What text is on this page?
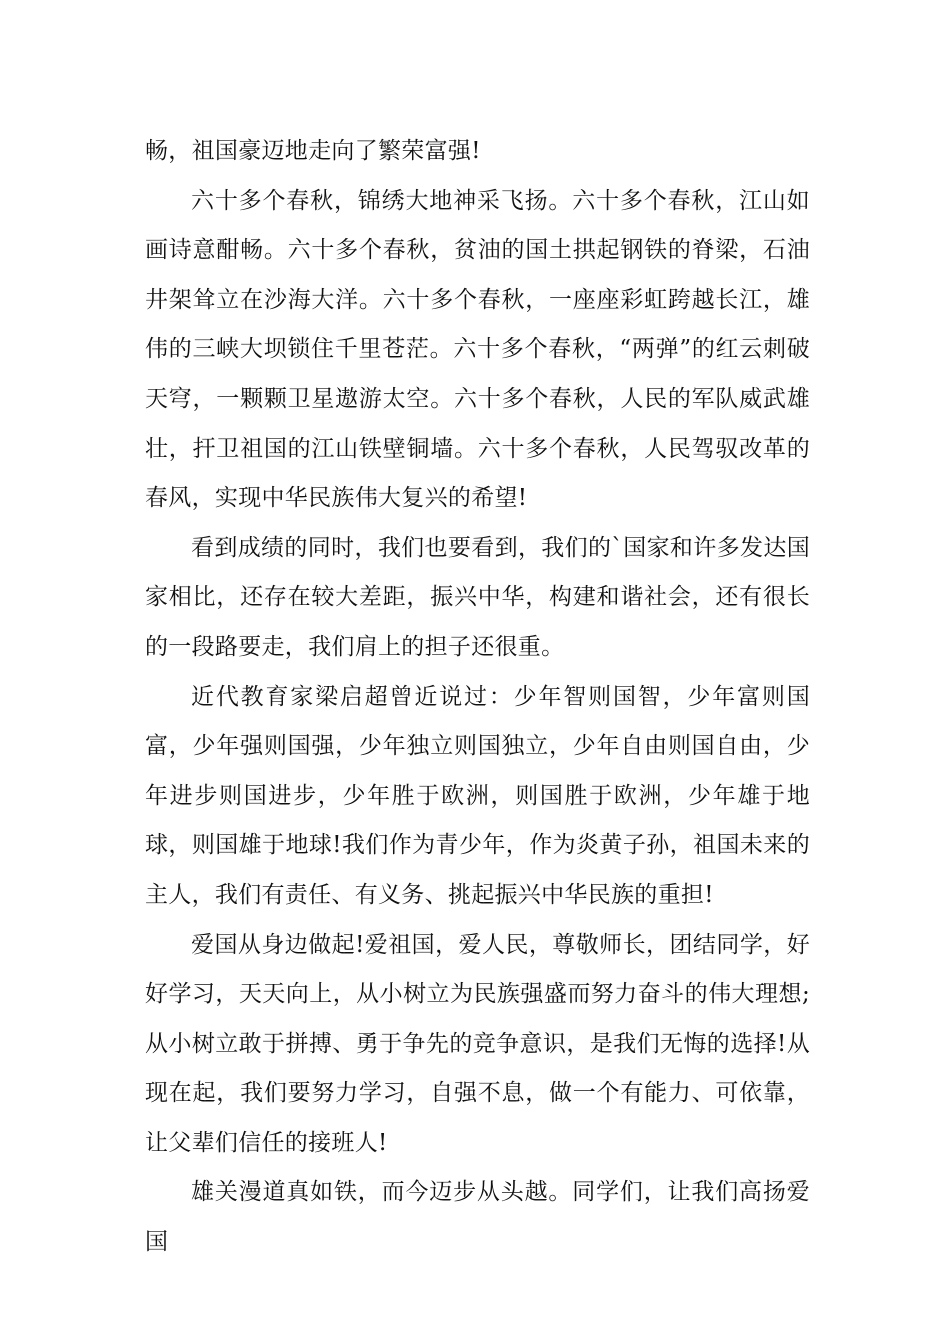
畅，祖国豪迈地走向了繁荣富强!

六十多个春秋，锦绣大地神采飞扬。六十多个春秋，江山如画诗意酣畅。六十多个春秋，贫油的国土拱起钢铁的脊梁，石油井架耸立在沙海大洋。六十多个春秋，一座座彩虹跨越长江，雄伟的三峡大坝锁住千里苍茫。六十多个春秋，“两弹”的红云刺破天穹，一颗颗卫星遨游太空。六十多个春秋，人民的军队威武雄壮，扞卫祖国的江山铁壁铜墙。六十多个春秋，人民驾驭改革的春风，实现中华民族伟大复兴的希望!

看到成绩的同时，我们也要看到，我们的`国家和许多发达国家相比，还存在较大差距，振兴中华，构建和谐社会，还有很长的一段路要走，我们肩上的担子还很重。

近代教育家梁启超曾近说过：少年智则国智，少年富则国富，少年强则国强，少年独立则国独立，少年自由则国自由，少年进步则国进步，少年胜于欧洲，则国胜于欧洲，少年雄于地球，则国雄于地球!我们作为青少年，作为炎黄子孙，祖国未来的主人，我们有责任、有义务、挑起振兴中华民族的重担!

爱国从身边做起!爱祖国，爱人民，尊敬师长，团结同学，好好学习，天天向上，从小树立为民族强盛而努力奋斗的伟大理想;从小树立敢于拼搏、勇于争先的竞争意识，是我们无悔的选择!从现在起，我们要努力学习，自强不息，做一个有能力、可依靠，让父辈们信任的接班人!

雄关漫道真如铁，而今迈步从头越。同学们，让我们高扬爱国
